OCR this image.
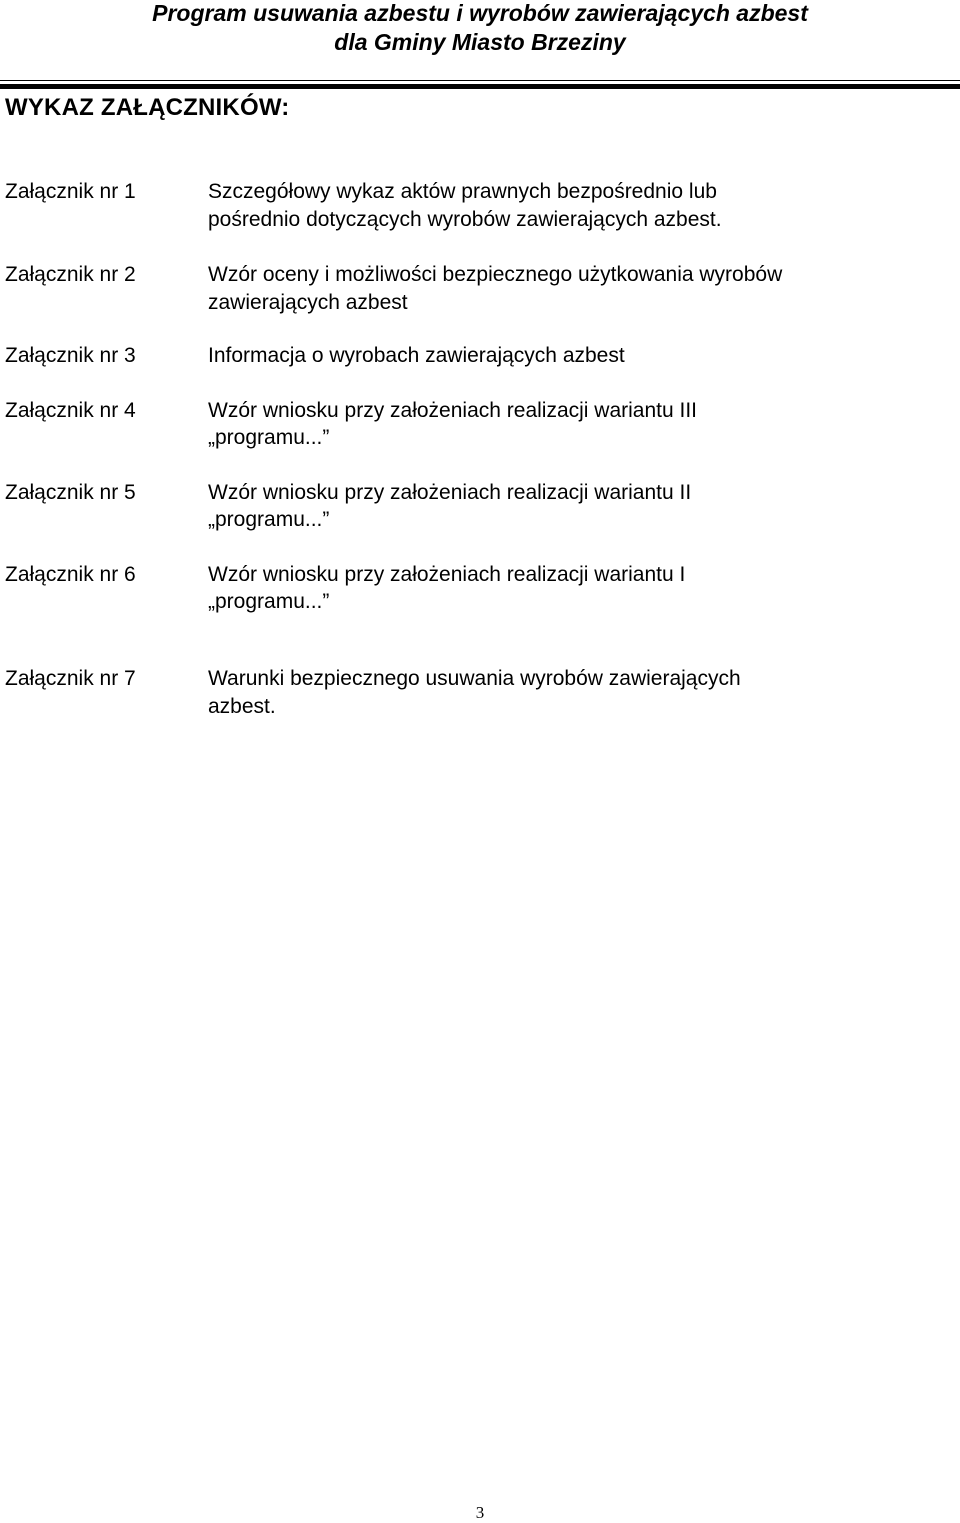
Program usuwania azbestu i wyrobów zawierających azbest
dla Gminy Miasto Brzeziny
WYKAZ ZAŁĄCZNIKÓW:
Załącznik nr 1	Szczegółowy wykaz aktów prawnych bezpośrednio lub
pośrednio dotyczących wyrobów zawierających azbest.
Załącznik nr 2	Wzór oceny i możliwości bezpiecznego użytkowania wyrobów
zawierających azbest
Załącznik nr 3	Informacja o wyrobach zawierających azbest
Załącznik nr 4	Wzór wniosku przy założeniach realizacji wariantu III
„programu...”
Załącznik nr 5	Wzór wniosku przy założeniach realizacji wariantu II
„programu...”
Załącznik nr 6	Wzór wniosku przy założeniach realizacji wariantu I
„programu...”
Załącznik nr 7	Warunki bezpiecznego usuwania wyrobów zawierających
azbest.
3
